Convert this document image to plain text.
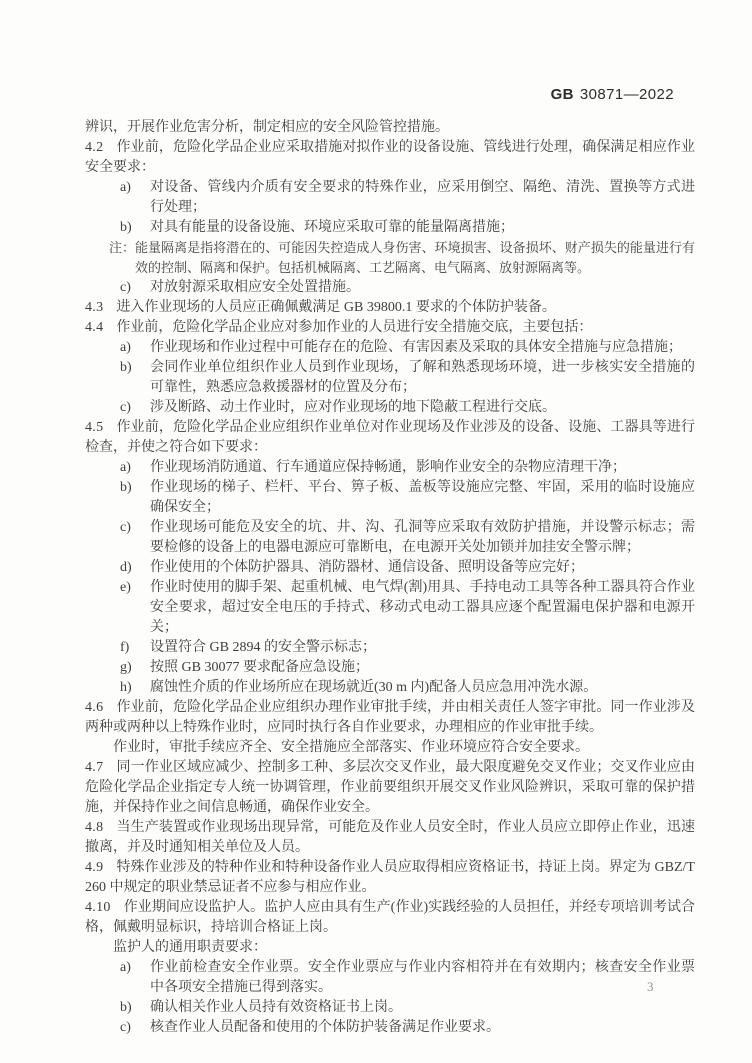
GB 30871—2022

辨识，开展作业危害分析，制定相应的安全风险管控措施。

4.2 作业前，危险化学品企业应采取措施对拟作业的设备设施、管线进行处理，确保满足相应作业安全要求：

a) 对设备、管线内介质有安全要求的特殊作业，应采用倒空、隔绝、清洗、置换等方式进行处理；

b) 对具有能量的设备设施、环境应采取可靠的能量隔离措施；

注： 能量隔离是指将潜在的、可能因失控造成人身伤害、环境损害、设备损坏、财产损失的能量进行有效的控制、隔离和保护。包括机械隔离、工艺隔离、电气隔离、放射源隔离等。

c) 对放射源采取相应安全处置措施。

4.3 进入作业现场的人员应正确佩戴满足 GB 39800.1 要求的个体防护装备。

4.4 作业前，危险化学品企业应对参加作业的人员进行安全措施交底，主要包括：

a) 作业现场和作业过程中可能存在的危险、有害因素及采取的具体安全措施与应急措施；

b) 会同作业单位组织作业人员到作业现场，了解和熟悉现场环境，进一步核实安全措施的可靠性，熟悉应急救援器材的位置及分布；

c) 涉及断路、动土作业时，应对作业现场的地下隐蔽工程进行交底。

4.5 作业前，危险化学品企业应组织作业单位对作业现场及作业涉及的设备、设施、工器具等进行检查，并使之符合如下要求：

a) 作业现场消防通道、行车通道应保持畅通，影响作业安全的杂物应清理干净；

b) 作业现场的梯子、栏杆、平台、箅子板、盖板等设施应完整、牢固，采用的临时设施应确保安全；

c) 作业现场可能危及安全的坑、井、沟、孔洞等应采取有效防护措施，并设警示标志；需要检修的设备上的电器电源应可靠断电，在电源开关处加锁并加挂安全警示牌；

d) 作业使用的个体防护器具、消防器材、通信设备、照明设备等应完好；

e) 作业时使用的脚手架、起重机械、电气焊(割)用具、手持电动工具等各种工器具符合作业安全要求，超过安全电压的手持式、移动式电动工器具应逐个配置漏电保护器和电源开关；

f) 设置符合 GB 2894 的安全警示标志；

g) 按照 GB 30077 要求配备应急设施；

h) 腐蚀性介质的作业场所应在现场就近(30 m 内)配备人员应急用冲洗水源。

4.6 作业前，危险化学品企业应组织办理作业审批手续，并由相关责任人签字审批。同一作业涉及两种或两种以上特殊作业时，应同时执行各自作业要求，办理相应的作业审批手续。

作业时，审批手续应齐全、安全措施应全部落实、作业环境应符合安全要求。

4.7 同一作业区域应减少、控制多工种、多层次交叉作业，最大限度避免交叉作业；交叉作业应由危险化学品企业指定专人统一协调管理，作业前要组织开展交叉作业风险辨识，采取可靠的保护措施，并保持作业之间信息畅通，确保作业安全。

4.8 当生产装置或作业现场出现异常，可能危及作业人员安全时，作业人员应立即停止作业，迅速撤离，并及时通知相关单位及人员。

4.9 特殊作业涉及的特种作业和特种设备作业人员应取得相应资格证书，持证上岗。界定为 GBZ/T 260 中规定的职业禁忌证者不应参与相应作业。

4.10 作业期间应设监护人。监护人应由具有生产(作业)实践经验的人员担任，并经专项培训考试合格，佩戴明显标识，持培训合格证上岗。

监护人的通用职责要求：

a) 作业前检查安全作业票。安全作业票应与作业内容相符并在有效期内；核查安全作业票中各项安全措施已得到落实。

b) 确认相关作业人员持有效资格证书上岗。

c) 核查作业人员配备和使用的个体防护装备满足作业要求。

3
